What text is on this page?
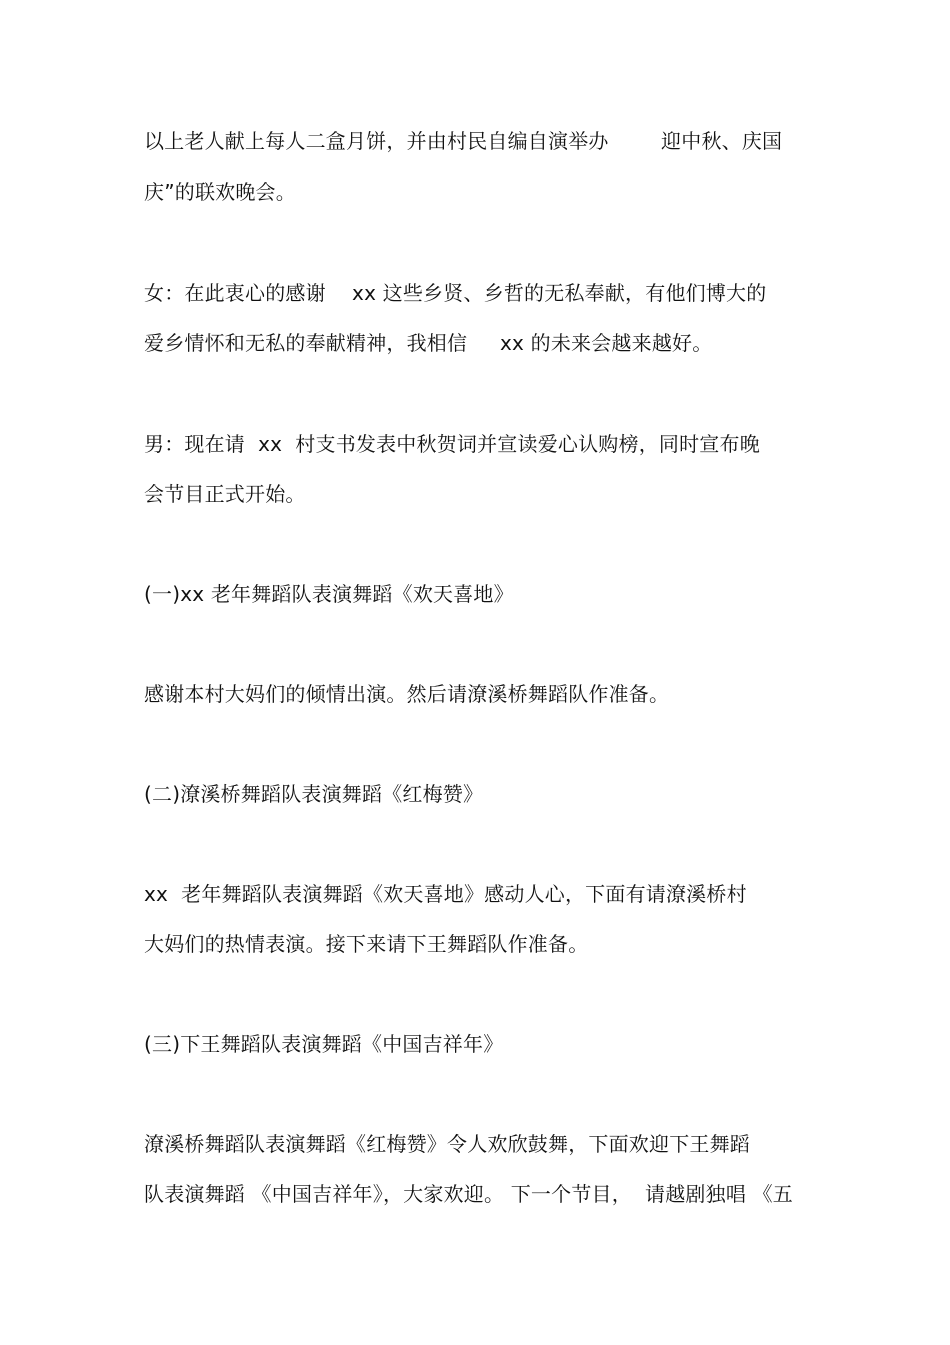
以上老人献上每人二盒月饼，并由村民自编自演举办        迎中秋、庆国
庆”的联欢晚会。
女：在此衷心的感谢    xx 这些乡贤、乡哲的无私奉献，有他们博大的
爱乡情怀和无私的奉献精神，我相信     xx 的未来会越来越好。
男：现在请  xx  村支书发表中秋贺词并宣读爱心认购榜，同时宣布晚
会节目正式开始。
(一)xx 老年舞蹈队表演舞蹈《欢天喜地》
感谢本村大妈们的倾情出演。然后请潦溪桥舞蹈队作准备。
(二)潦溪桥舞蹈队表演舞蹈《红梅赞》
xx  老年舞蹈队表演舞蹈《欢天喜地》感动人心，下面有请潦溪桥村
大妈们的热情表演。接下来请下王舞蹈队作准备。
(三)下王舞蹈队表演舞蹈《中国吉祥年》
潦溪桥舞蹈队表演舞蹈《红梅赞》令人欢欣鼓舞，下面欢迎下王舞蹈
队表演舞蹈 《中国吉祥年》，大家欢迎。 下一个节目，  请越剧独唱 《五
